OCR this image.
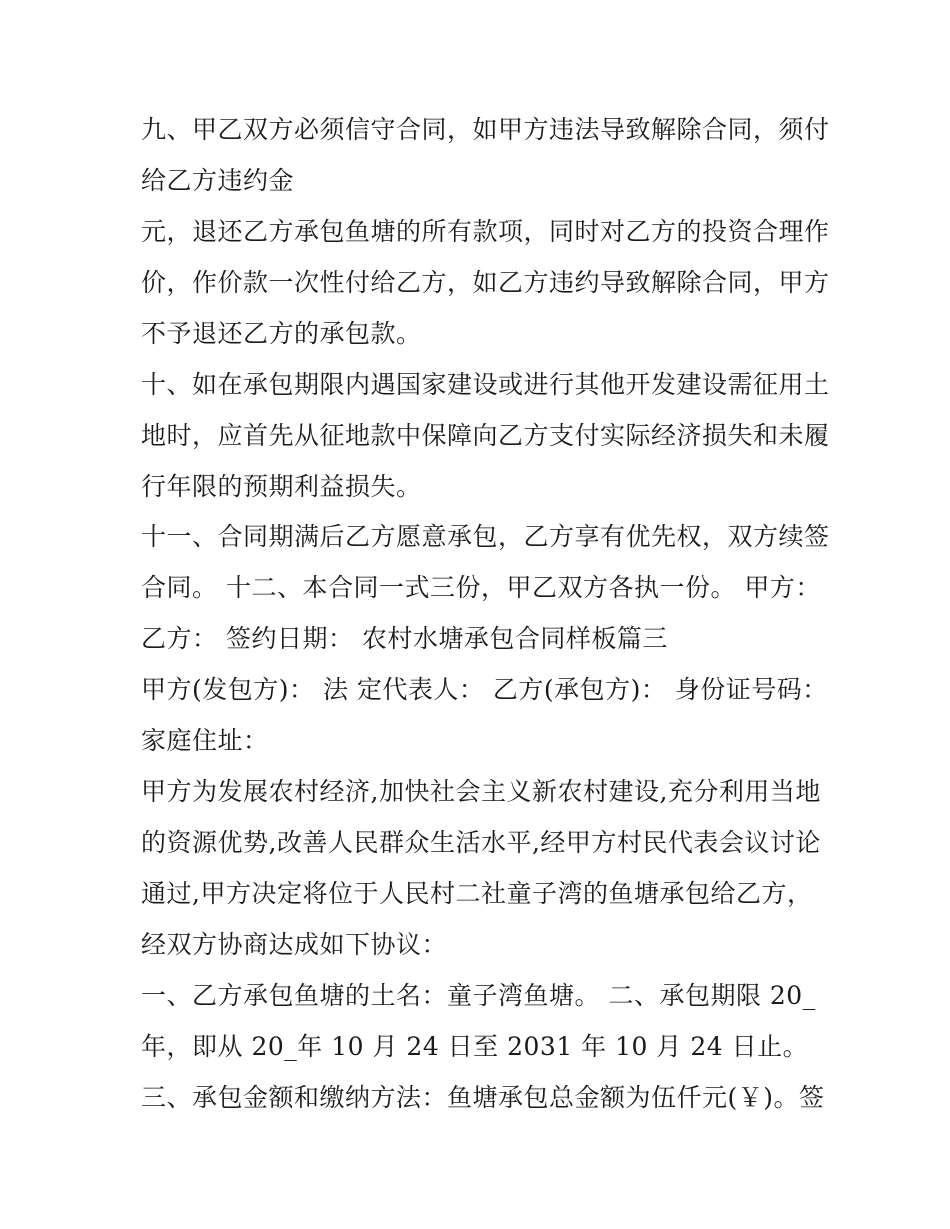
九、甲乙双方必须信守合同，如甲方违法导致解除合同，须付
给乙方违约金
元，退还乙方承包鱼塘的所有款项，同时对乙方的投资合理作
价，作价款一次性付给乙方，如乙方违约导致解除合同，甲方
不予退还乙方的承包款。
十、如在承包期限内遇国家建设或进行其他开发建设需征用土
地时，应首先从征地款中保障向乙方支付实际经济损失和未履
行年限的预期利益损失。
十一、合同期满后乙方愿意承包，乙方享有优先权，双方续签
合同。 十二、本合同一式三份，甲乙双方各执一份。 甲方：
乙方： 签约日期： 农村水塘承包合同样板篇三
甲方(发包方)： 法 定代表人： 乙方(承包方)： 身份证号码：
家庭住址：
甲方为发展农村经济,加快社会主义新农村建设,充分利用当地
的资源优势,改善人民群众生活水平,经甲方村民代表会议讨论
通过,甲方决定将位于人民村二社童子湾的鱼塘承包给乙方，
经双方协商达成如下协议：
一、乙方承包鱼塘的土名：童子湾鱼塘。 二、承包期限 20_
年，即从 20_年 10 月 24 日至 2031 年 10 月 24 日止。
三、承包金额和缴纳方法：鱼塘承包总金额为伍仟元(￥)。签
